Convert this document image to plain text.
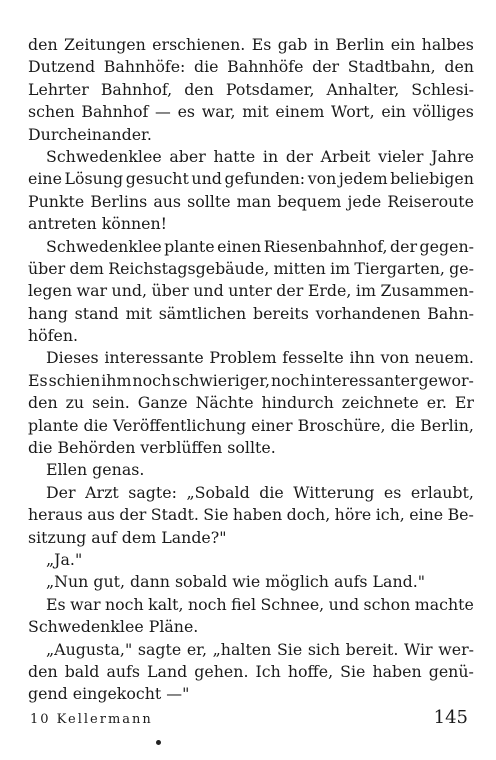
den Zeitungen erschienen. Es gab in Berlin ein halbes
Dutzend Bahnhöfe: die Bahnhöfe der Stadtbahn, den
Lehrter Bahnhof, den Potsdamer, Anhalter, Schlesi-
schen Bahnhof — es war, mit einem Wort, ein völliges
Durcheinander.
Schwedenklee aber hatte in der Arbeit vieler Jahre
eine Lösung gesucht und gefunden: von jedem beliebigen
Punkte Berlins aus sollte man bequem jede Reiseroute
antreten können!
Schwedenklee plante einen Riesenbahnhof, der gegen-
über dem Reichstagsgebäude, mitten im Tiergarten, ge-
legen war und, über und unter der Erde, im Zusammen-
hang stand mit sämtlichen bereits vorhandenen Bahn-
höfen.
Dieses interessante Problem fesselte ihn von neuem.
Es schien ihm noch schwieriger, noch interessanter gewor-
den zu sein. Ganze Nächte hindurch zeichnete er. Er
plante die Veröffentlichung einer Broschüre, die Berlin,
die Behörden verblüffen sollte.
Ellen genas.
Der Arzt sagte: „Sobald die Witterung es erlaubt,
heraus aus der Stadt. Sie haben doch, höre ich, eine Be-
sitzung auf dem Lande?"
„Ja."
„Nun gut, dann sobald wie möglich aufs Land."
Es war noch kalt, noch fiel Schnee, und schon machte
Schwedenklee Pläne.
„Augusta," sagte er, „halten Sie sich bereit. Wir wer-
den bald aufs Land gehen. Ich hoffe, Sie haben genü-
gend eingekocht —"
10 Kellermann	145
